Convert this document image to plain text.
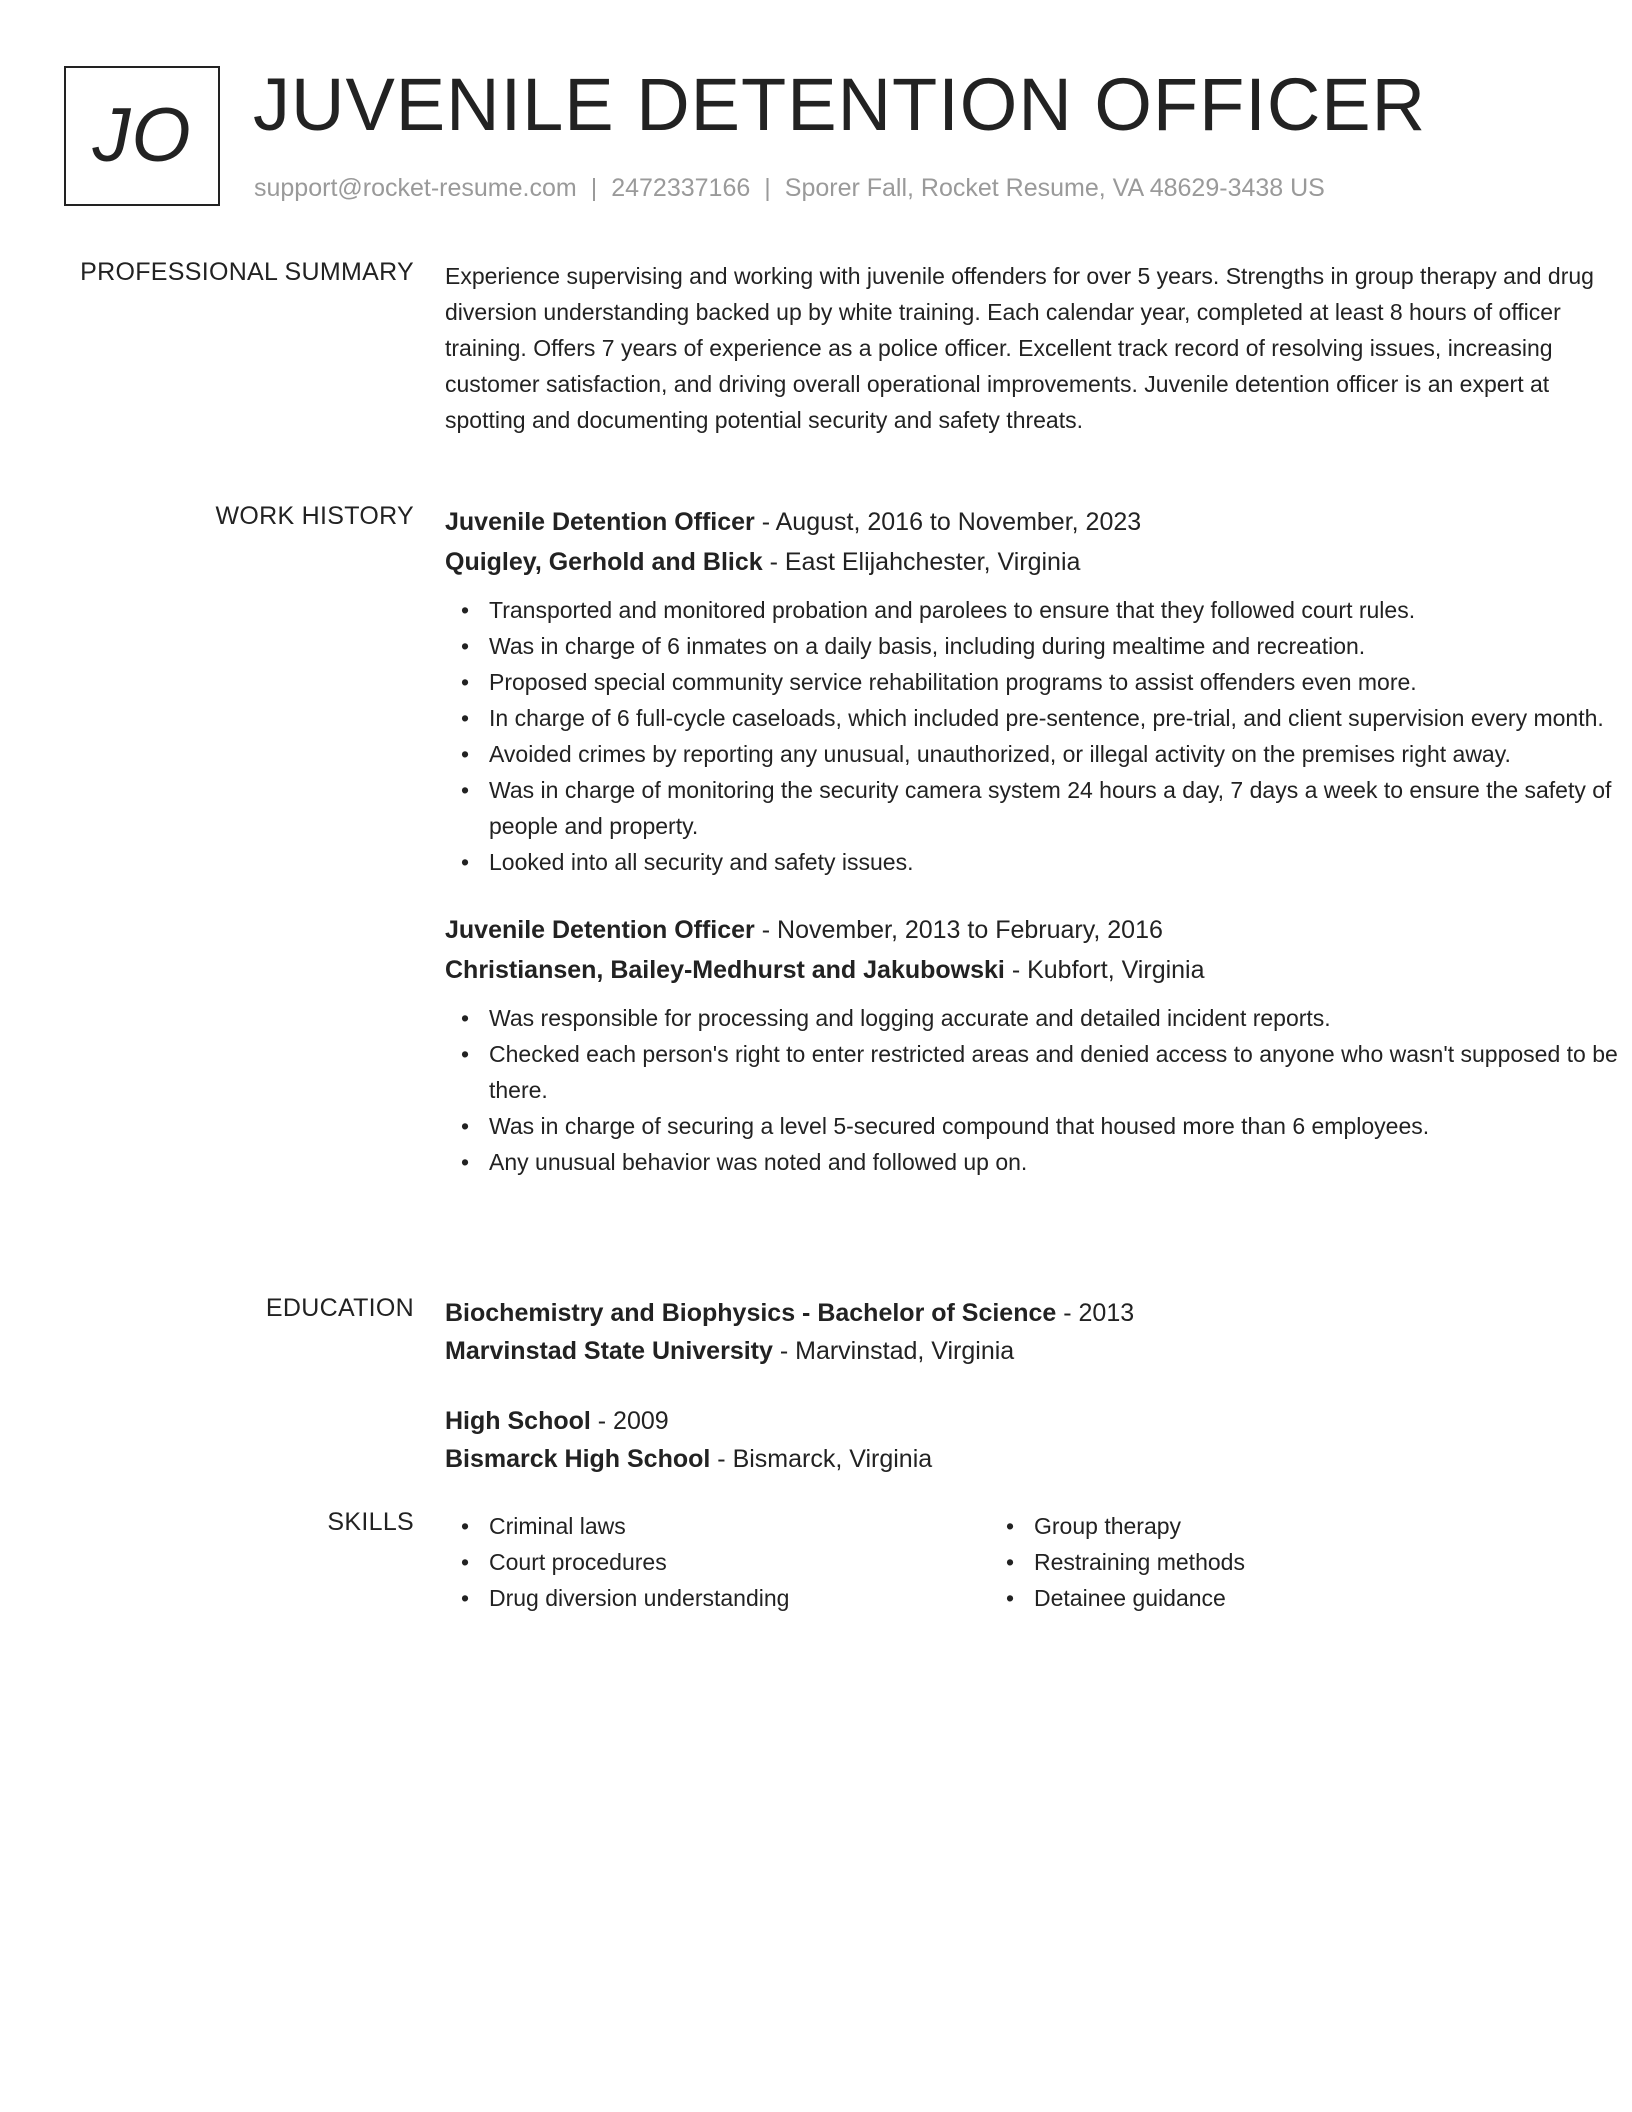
JO JUVENILE DETENTION OFFICER
support@rocket-resume.com | 2472337166 | Sporer Fall, Rocket Resume, VA 48629-3438 US
PROFESSIONAL SUMMARY Experience supervising and working with juvenile offenders for over 5 years. Strengths in group therapy and drug diversion understanding backed up by white training. Each calendar year, completed at least 8 hours of officer training. Offers 7 years of experience as a police officer. Excellent track record of resolving issues, increasing customer satisfaction, and driving overall operational improvements. Juvenile detention officer is an expert at spotting and documenting potential security and safety threats.
WORK HISTORY Juvenile Detention Officer - August, 2016 to November, 2023
Quigley, Gerhold and Blick - East Elijahchester, Virginia
• Transported and monitored probation and parolees to ensure that they followed court rules.
• Was in charge of 6 inmates on a daily basis, including during mealtime and recreation.
• Proposed special community service rehabilitation programs to assist offenders even more.
• In charge of 6 full-cycle caseloads, which included pre-sentence, pre-trial, and client supervision every month.
• Avoided crimes by reporting any unusual, unauthorized, or illegal activity on the premises right away.
• Was in charge of monitoring the security camera system 24 hours a day, 7 days a week to ensure the safety of people and property.
• Looked into all security and safety issues.
Juvenile Detention Officer - November, 2013 to February, 2016
Christiansen, Bailey-Medhurst and Jakubowski - Kubfort, Virginia
• Was responsible for processing and logging accurate and detailed incident reports.
• Checked each person's right to enter restricted areas and denied access to anyone who wasn't supposed to be there.
• Was in charge of securing a level 5-secured compound that housed more than 6 employees.
• Any unusual behavior was noted and followed up on.
EDUCATION Biochemistry and Biophysics - Bachelor of Science - 2013
Marvinstad State University - Marvinstad, Virginia
High School - 2009
Bismarck High School - Bismarck, Virginia
SKILLS
•	Criminal laws
• Court procedures
• Drug diversion understanding
• Group therapy
• Restraining methods
• Detainee guidance
